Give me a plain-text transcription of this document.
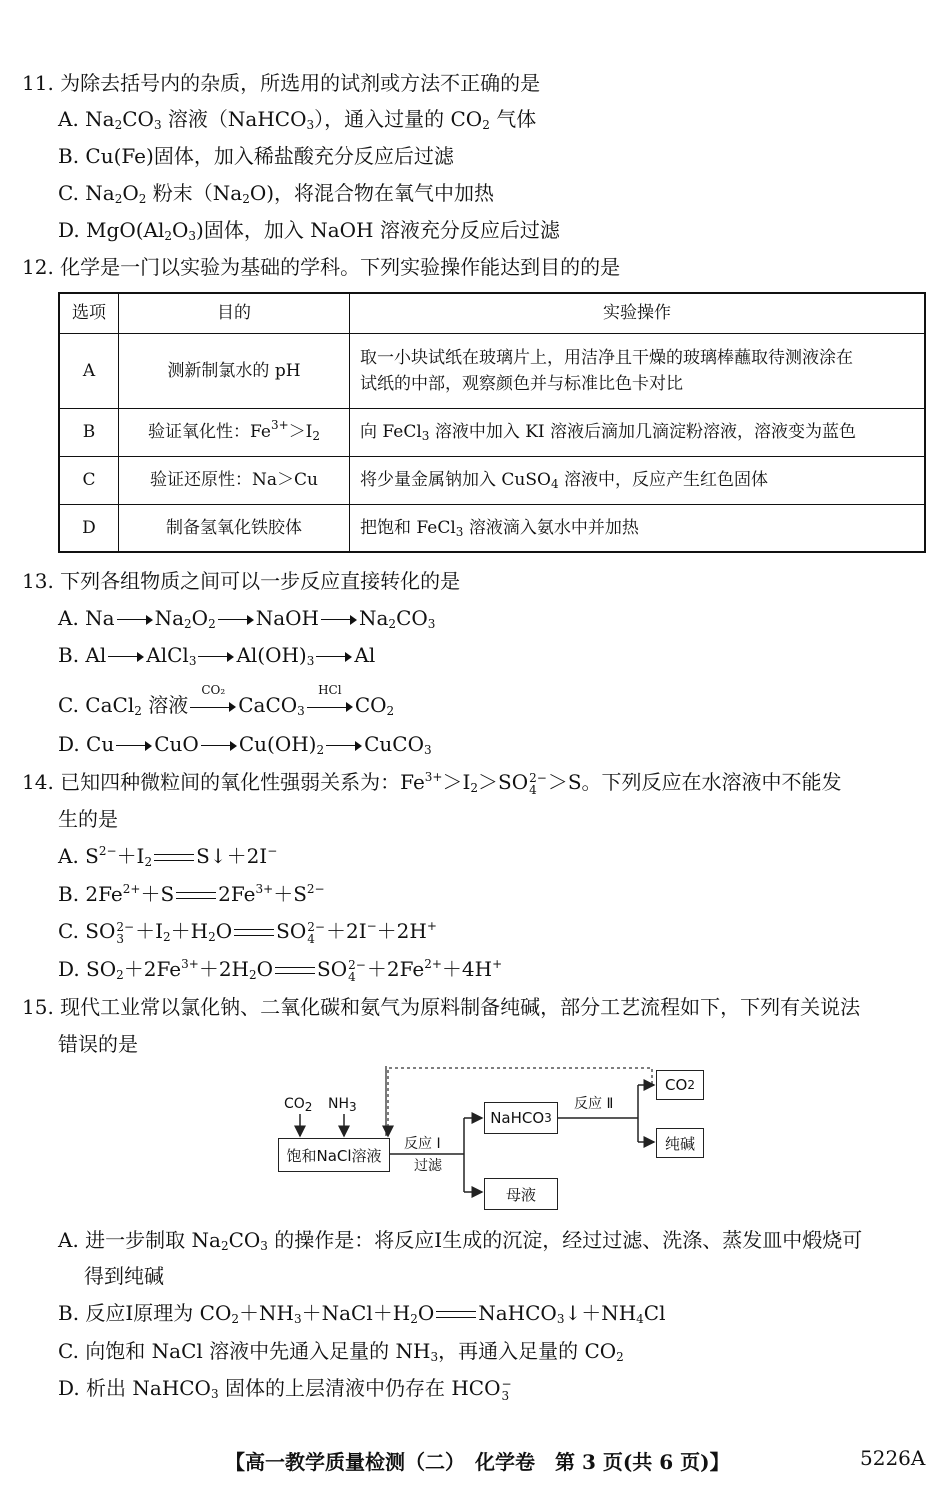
11. 为除去括号内的杂质，所选用的试剂或方法不正确的是
A. $Na_2CO_3$ 溶液（NaHCO$_3$），通入过量的 $CO_2$ 气体
B. Cu(Fe)固体，加入稀盐酸充分反应后过滤
C. $Na_2O_2$ 粉末$(Na_2O)$，将混合物在氧气中加热
D. $MgO(Al_2O_3)$固体，加入 NaOH 溶液充分反应后过滤
12. 化学是一门以实验为基础的学科。下列实验操作能达到目的的是
选项	目的	实验操作
A	测新制氯水的 pH	取一小块试纸在玻璃片上，用洁净且干燥的玻璃棒蘸取待测液涂在
试纸的中部，观察颜色并与标准比色卡对比

B	验证氧化性：$Fe^{3+}>I_2$	向 FeCl$_3$ 溶液中加入 KI 溶液后滴加几滴淀粉溶液，溶液变为蓝色
C	验证还原性：Na＞Cu	将少量金属钠加入 CuSO$_4$ 溶液中，反应产生红色固体
D	制备氢氧化铁胶体	把饱和 FeCl$_3$ 溶液滴入氨水中并加热
13. 下列各组物质之间可以一步反应直接转化的是
A. Na $Na_2O_2$ NaOH $Na_2CO_3$
B. Al AlCl$_3$ $Al(OH)_3$ Al
C. CaCl$_2$ 溶液
CO₂
CaCO$_3$
HCl
$CO_2$
D. Cu CuO $Cu(OH)_2$ CuCO$_3$
14. 已知四种微粒间的氧化性强弱关系为：$Fe^{3+}>I_2>SO$ 2−
4 ＞S。下列反应在水溶液中不能发
生的是
A. $S^{2-}+I_2$ S↓＋2I−
B. $2Fe^{2+}+S$ $2Fe^{3+}+S^{2-}$
C. SO 2−
$3 +I_2+H_2O$ SO 2−
4 ＋2I−＋2H+
D. $SO_2+2Fe^{3+}+2H_2O$ SO 2−
$4 +2Fe^{2+}+4H^+$
15. 现代工业常以氯化钠、二氧化碳和氨气为原料制备纯碱，部分工艺流程如下，下列有关说法
错误的是
$CO_2$ $NH_3$
饱和NaCl溶液
反应 Ⅰ
过滤
NaHCO 3
反应 Ⅱ
CO 2
纯碱
母液
A. 进一步制取 $Na_2CO_3$ 的操作是：将反应Ⅰ生成的沉淀，经过过滤、洗涤、蒸发皿中煅烧可
得到纯碱
B. 反应Ⅰ原理为 $CO_2+NH_3+NaCl+H_2O$ $NaHCO_3↓+NH_4Cl$
C. 向饱和 NaCl 溶液中先通入足量的 $NH_3$，再通入足量的 $CO_2$
D. 析出 NaHCO$_3$ 固体的上层清液中仍存在 HCO −
3
【高一教学质量检测（二）　化学卷　第 3 页(共 6 页)】	5226A
